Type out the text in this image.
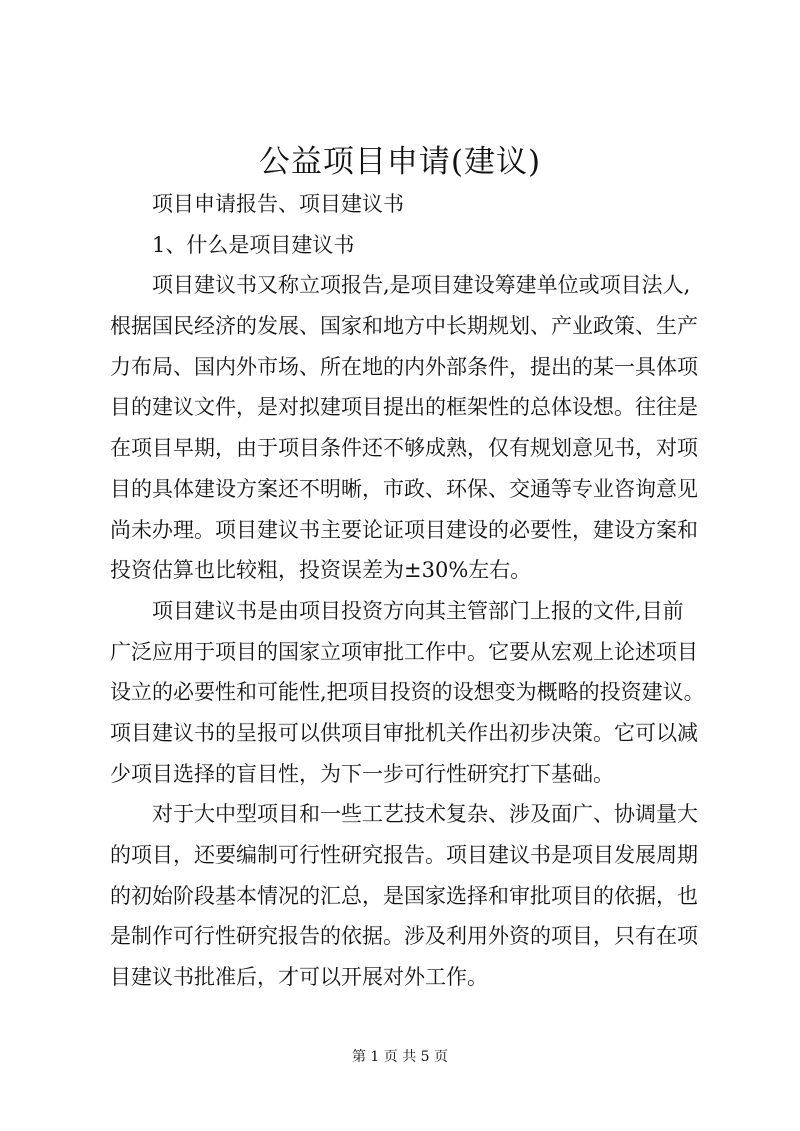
公益项目申请(建议)
项目申请报告、项目建议书
1、什么是项目建议书
项目建议书又称立项报告,是项目建设筹建单位或项目法人,
根据国民经济的发展、国家和地方中长期规划、产业政策、生产
力布局、国内外市场、所在地的内外部条件，提出的某一具体项
目的建议文件，是对拟建项目提出的框架性的总体设想。往往是
在项目早期，由于项目条件还不够成熟，仅有规划意见书，对项
目的具体建设方案还不明晰，市政、环保、交通等专业咨询意见
尚未办理。项目建议书主要论证项目建设的必要性，建设方案和
投资估算也比较粗，投资误差为±30%左右。
项目建议书是由项目投资方向其主管部门上报的文件,目前
广泛应用于项目的国家立项审批工作中。它要从宏观上论述项目
设立的必要性和可能性,把项目投资的设想变为概略的投资建议。
项目建议书的呈报可以供项目审批机关作出初步决策。它可以减
少项目选择的盲目性，为下一步可行性研究打下基础。
对于大中型项目和一些工艺技术复杂、涉及面广、协调量大
的项目，还要编制可行性研究报告。项目建议书是项目发展周期
的初始阶段基本情况的汇总，是国家选择和审批项目的依据，也
是制作可行性研究报告的依据。涉及利用外资的项目，只有在项
目建议书批准后，才可以开展对外工作。
第 1 页 共 5 页
